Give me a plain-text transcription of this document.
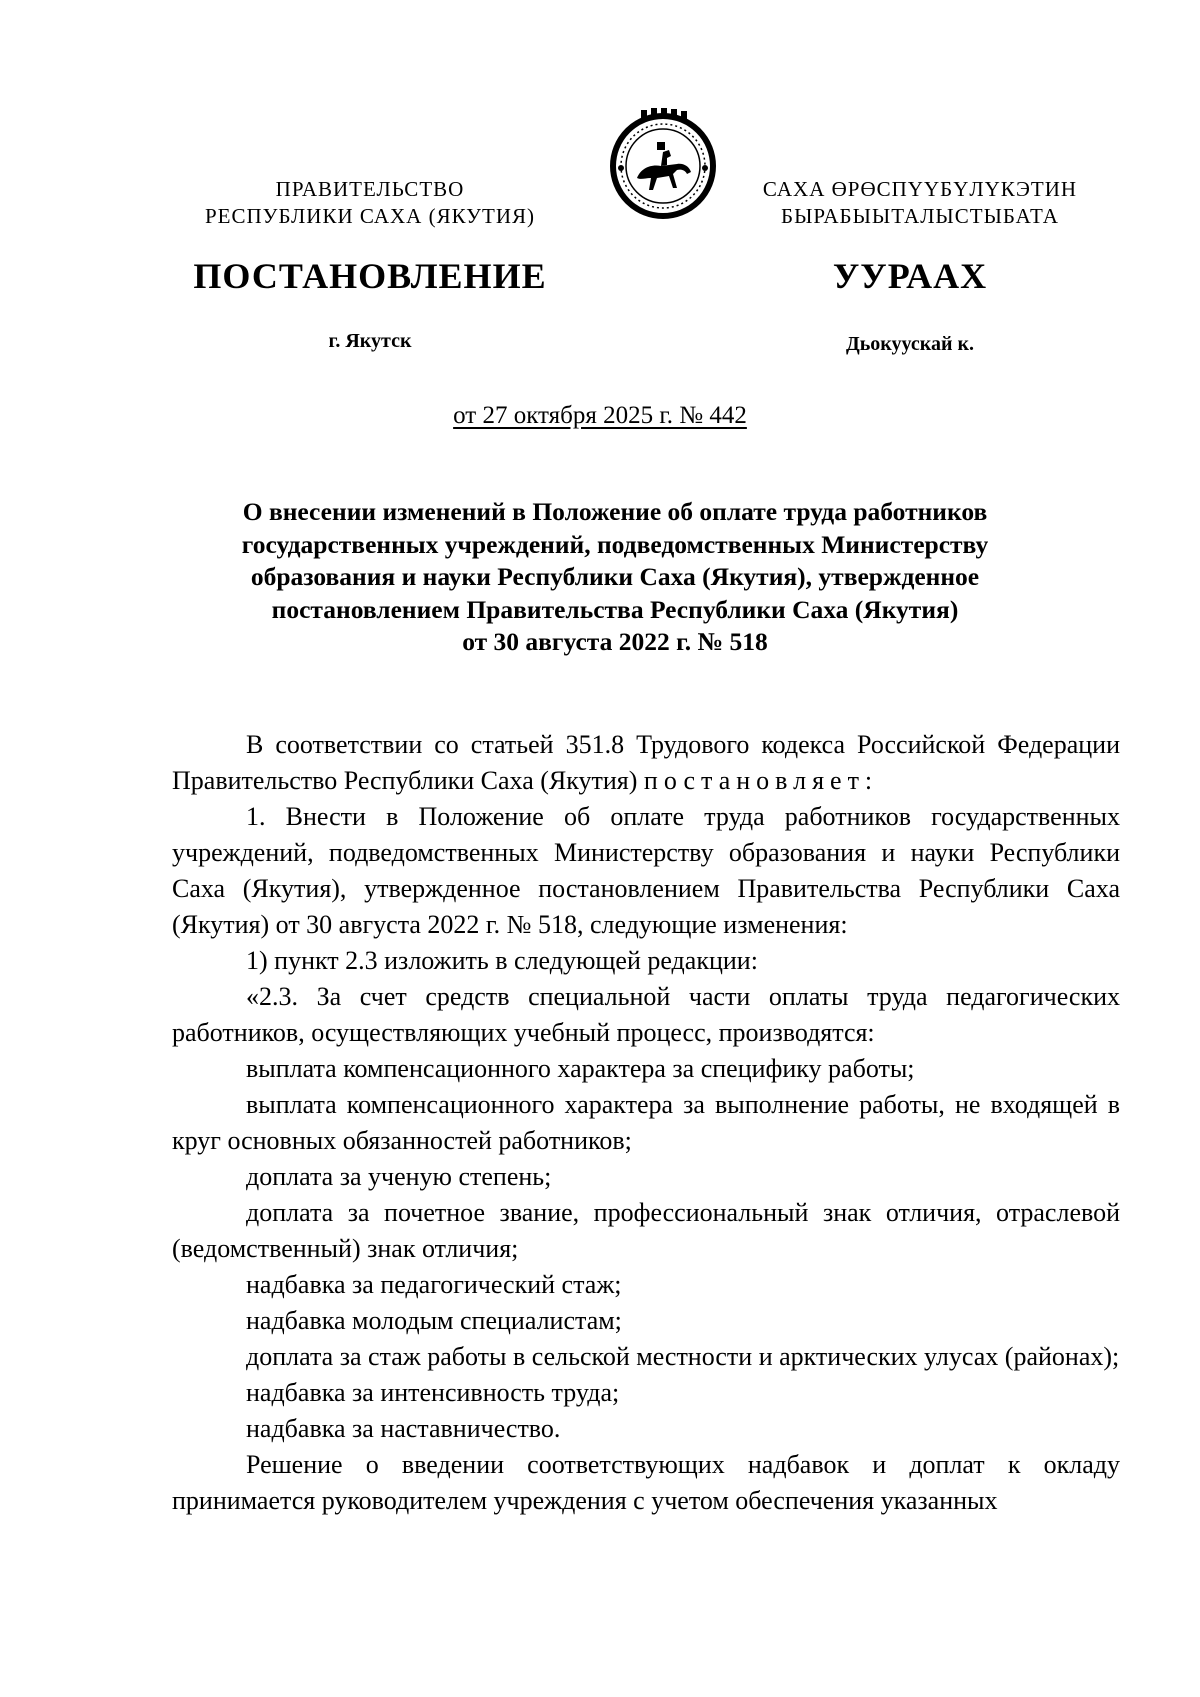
ПРАВИТЕЛЬСТВО
РЕСПУБЛИКИ САХА (ЯКУТИЯ)
САХА ӨРӨСПҮҮБҮЛҮКЭТИН
БЫРАБЫЫТАЛЫСТЫБАТА
ПОСТАНОВЛЕНИЕ	УУРААХ
г. Якутск	Дьокуускай к.
от 27 октября 2025 г. № 442
О внесении изменений в Положение об оплате труда работников
государственных учреждений, подведомственных Министерству
образования и науки Республики Саха (Якутия), утвержденное
постановлением Правительства Республики Саха (Якутия)
от 30 августа 2022 г. № 518

В соответствии со статьей 351.8 Трудового кодекса Российской Федерации Правительство Республики Саха (Якутия) постановляет:

1. Внести в Положение об оплате труда работников государственных учреждений, подведомственных Министерству образования и науки Республики Саха (Якутия), утвержденное постановлением Правительства Республики Саха (Якутия) от 30 августа 2022 г. № 518, следующие изменения:

1) пункт 2.3 изложить в следующей редакции:

«2.3. За счет средств специальной части оплаты труда педагогических работников, осуществляющих учебный процесс, производятся:

выплата компенсационного характера за специфику работы;

выплата компенсационного характера за выполнение работы, не входящей в круг основных обязанностей работников;

доплата за ученую степень;

доплата за почетное звание, профессиональный знак отличия, отраслевой (ведомственный) знак отличия;

надбавка за педагогический стаж;

надбавка молодым специалистам;

доплата за стаж работы в сельской местности и арктических улусах (районах);

надбавка за интенсивность труда;

надбавка за наставничество.

Решение о введении соответствующих надбавок и доплат к окладу принимается руководителем учреждения с учетом обеспечения указанных
